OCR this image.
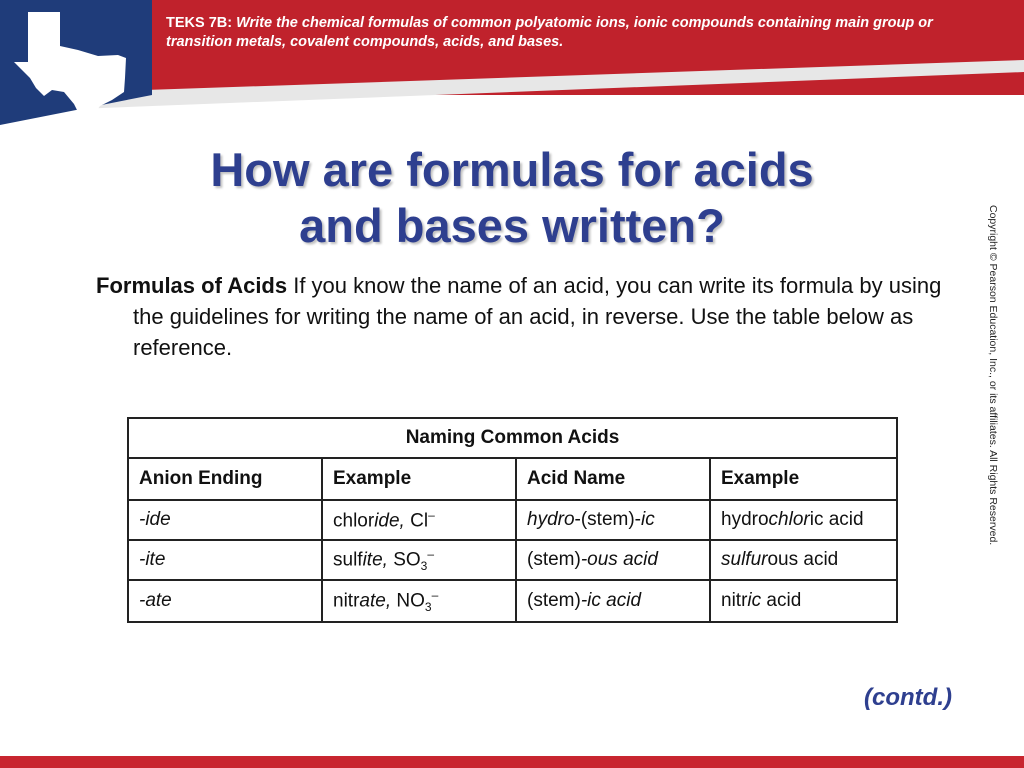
TEKS 7B: Write the chemical formulas of common polyatomic ions, ionic compounds containing main group or transition metals, covalent compounds, acids, and bases.
How are formulas for acids
and bases written?
Formulas of Acids If you know the name of an acid, you can write its formula by using the guidelines for writing the name of an acid, in reverse. Use the table below as reference.
Naming Common Acids			
Anion Ending	Example	Acid Name	Example
-ide	chloride, Cl–	hydro-(stem)-ic	hydrochloric acid
-ite	sulfite, $SO_3^-$	(stem)-ous acid	sulfurous acid
-ate	nitrate, $NO_3^-$	(stem)-ic acid	nitric acid
(contd.)
Copyright © Pearson Education, Inc., or its affiliates. All Rights Reserved.
